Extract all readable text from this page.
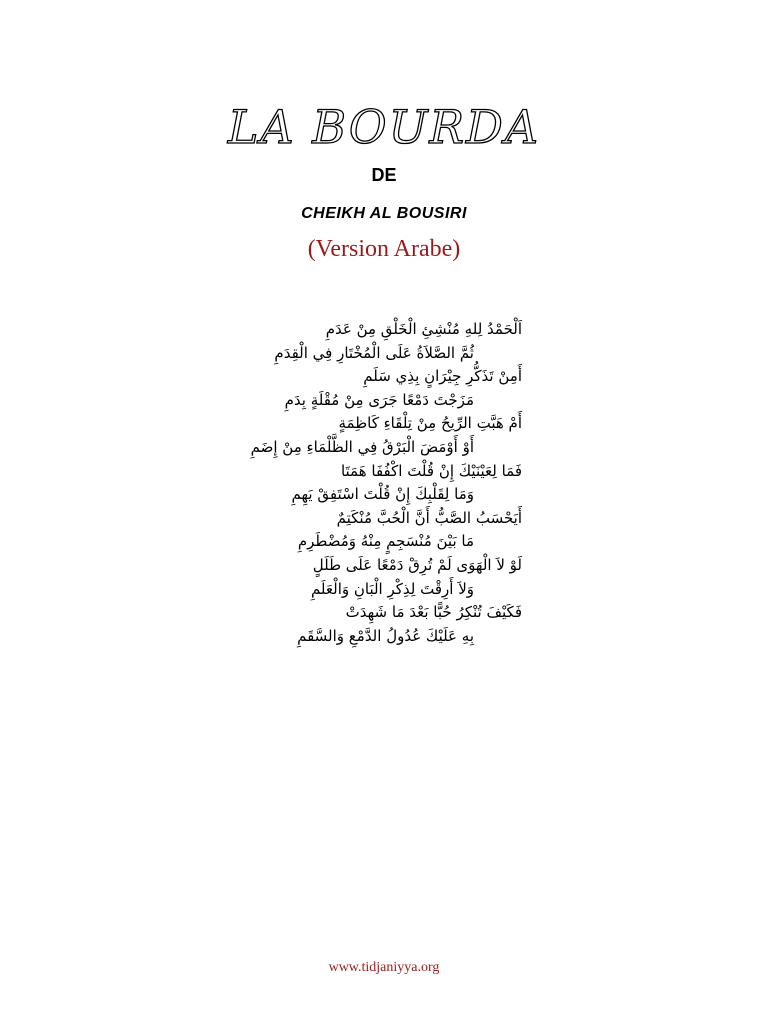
LA BOURDA
DE
CHEIKH AL BOUSIRI
(Version Arabe)
اَلْحَمْدُ لِلهِ مُنْشِئِ الْخَلْقِ مِنْ عَدَمِ
ثُمَّ الصَّلاَةُ عَلَى الْمُخْتَارِ فِي الْقِدَمِ
أَمِنْ تَذَكُّرِ جِيْرَانٍ بِذِي سَلَمِ
مَزَجْتَ دَمْعًا جَرَى مِنْ مُقْلَةٍ بِدَمِ
أَمْ هَبَّتِ الرِّيحُ مِنْ تِلْقَاءِ كَاظِمَةٍ
أَوْ أَوْمَضَ الْبَرْقُ فِي الظَّلْمَاءِ مِنْ إِضَمِ
فَمَا لِعَيْنَيْكَ إِنْ قُلْتَ اكْفُفَا هَمَتَا
وَمَا لِقَلْبِكَ إِنْ قُلْتَ اسْتَفِقْ يَهِمِ
أَيَحْسَبُ الصَّبُّ أَنَّ الْحُبَّ مُنْكَتِمٌ
مَا بَيْنَ مُنْسَجِمٍ مِنْهُ وَمُضْطَرِمِ
لَوْ لاَ الْهَوَى لَمْ تُرِقْ دَمْعًا عَلَى طَلَلٍ
وَلاَ أَرِقْتَ لِذِكْرِ الْبَانِ وَالْعَلَمِ
فَكَيْفَ تُنْكِرُ حُبًّا بَعْدَ مَا شَهِدَتْ
بِهِ عَلَيْكَ عُدُولُ الدَّمْعِ وَالسَّقَمِ
www.tidjaniyya.org
